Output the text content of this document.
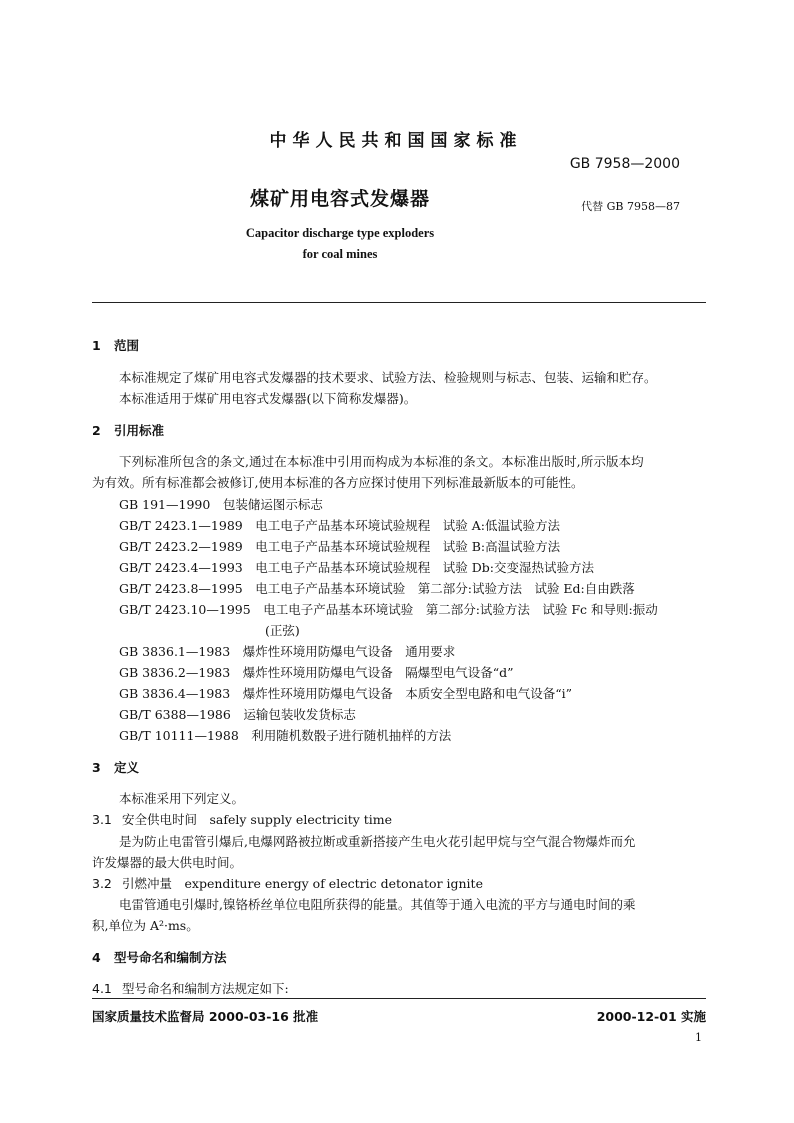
中华人民共和国国家标准
GB 7958—2000
煤矿用电容式发爆器	代替 GB 7958—87
Capacitor discharge type exploders
for coal mines
1 范围
本标准规定了煤矿用电容式发爆器的技术要求、试验方法、检验规则与标志、包装、运输和贮存。
本标准适用于煤矿用电容式发爆器(以下简称发爆器)。
2 引用标准
下列标准所包含的条文,通过在本标准中引用而构成为本标准的条文。本标准出版时,所示版本均
为有效。所有标准都会被修订,使用本标准的各方应探讨使用下列标准最新版本的可能性。
GB 191—1990　包装储运图示标志
GB/T 2423.1—1989　电工电子产品基本环境试验规程　试验 A:低温试验方法
GB/T 2423.2—1989　电工电子产品基本环境试验规程　试验 B:高温试验方法
GB/T 2423.4—1993　电工电子产品基本环境试验规程　试验 Db:交变湿热试验方法
GB/T 2423.8—1995　电工电子产品基本环境试验　第二部分:试验方法　试验 Ed:自由跌落
GB/T 2423.10—1995　电工电子产品基本环境试验　第二部分:试验方法　试验 Fc 和导则:振动
(正弦)
GB 3836.1—1983　爆炸性环境用防爆电气设备　通用要求
GB 3836.2—1983　爆炸性环境用防爆电气设备　隔爆型电气设备“d”
GB 3836.4—1983　爆炸性环境用防爆电气设备　本质安全型电路和电气设备“i”
GB/T 6388—1986　运输包装收发货标志
GB/T 10111—1988　利用随机数骰子进行随机抽样的方法
3 定义
本标准采用下列定义。
3.1 安全供电时间　safely supply electricity time
是为防止电雷管引爆后,电爆网路被拉断或重新搭接产生电火花引起甲烷与空气混合物爆炸而允
许发爆器的最大供电时间。
3.2 引燃冲量　expenditure energy of electric detonator ignite
电雷管通电引爆时,镍铬桥丝单位电阻所获得的能量。其值等于通入电流的平方与通电时间的乘
积,单位为 A²·ms。
4 型号命名和编制方法
4.1 型号命名和编制方法规定如下:
国家质量技术监督局 2000-03-16 批准	2000-12-01 实施
1
